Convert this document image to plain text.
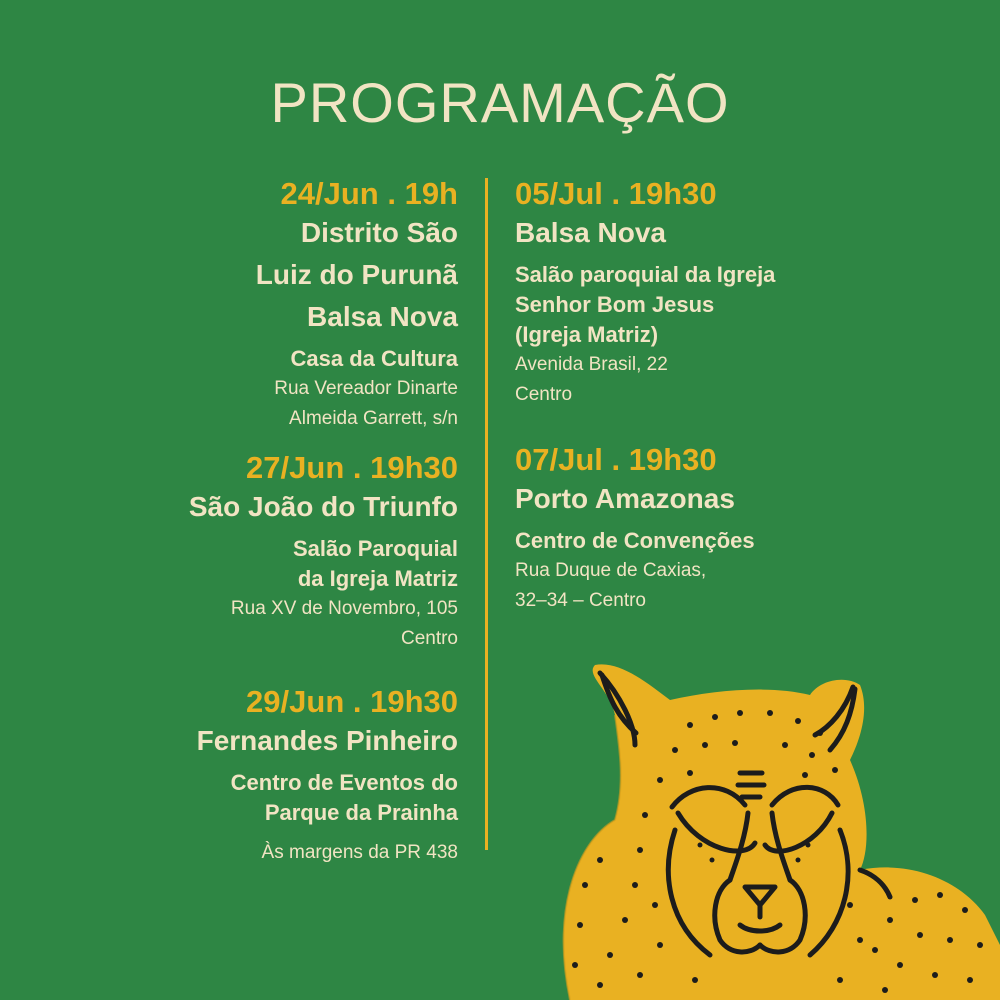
PROGRAMAÇÃO
24/Jun . 19h
Distrito São
Luiz do Purunã
Balsa Nova
Casa da Cultura
Rua Vereador Dinarte
Almeida Garrett, s/n
27/Jun . 19h30
São João do Triunfo
Salão Paroquial
da Igreja Matriz
Rua XV de Novembro, 105
Centro
29/Jun . 19h30
Fernandes Pinheiro
Centro de Eventos do
Parque da Prainha
Às margens da PR 438
05/Jul . 19h30
Balsa Nova
Salão paroquial da Igreja
Senhor Bom Jesus
(Igreja Matriz)
Avenida Brasil, 22
Centro
07/Jul . 19h30
Porto Amazonas
Centro de Convenções
Rua Duque de Caxias,
32–34 – Centro
